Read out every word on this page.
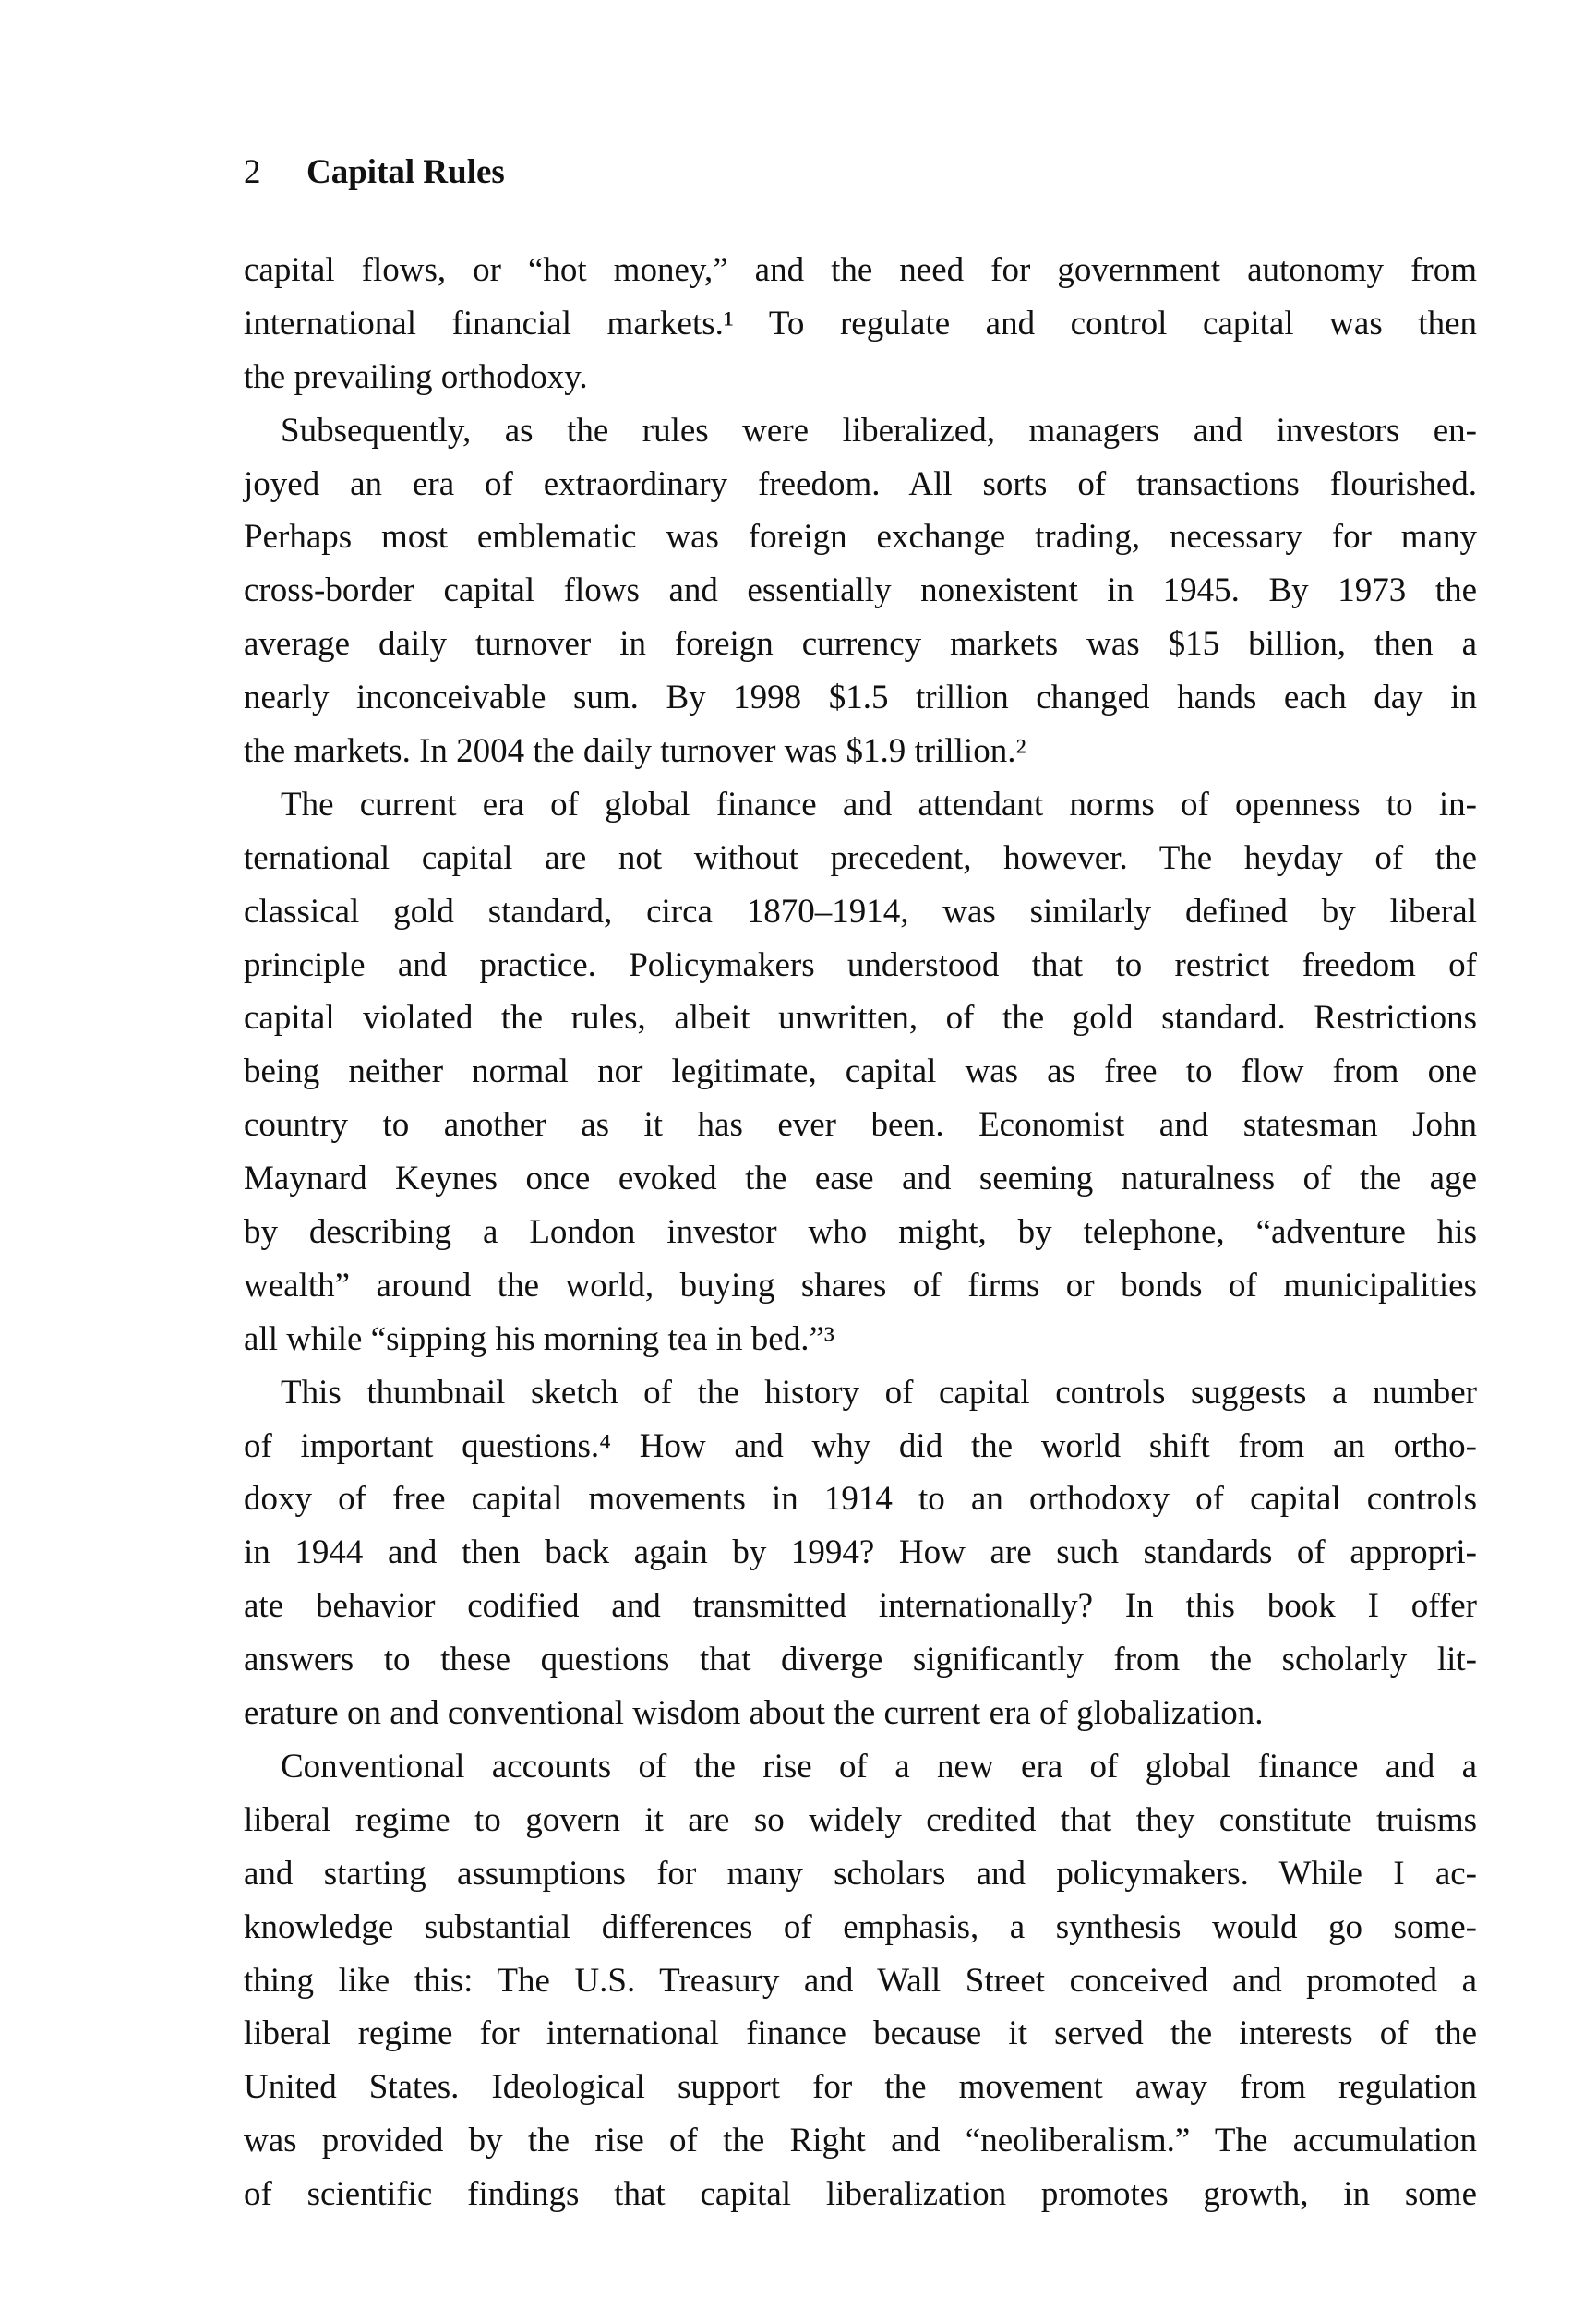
2 Capital Rules
capital flows, or “hot money,” and the need for government autonomy from
international financial markets.¹ To regulate and control capital was then
the prevailing orthodoxy.
Subsequently, as the rules were liberalized, managers and investors en-
joyed an era of extraordinary freedom. All sorts of transactions flourished.
Perhaps most emblematic was foreign exchange trading, necessary for many
cross-border capital flows and essentially nonexistent in 1945. By 1973 the
average daily turnover in foreign currency markets was $15 billion, then a
nearly inconceivable sum. By 1998 $1.5 trillion changed hands each day in
the markets. In 2004 the daily turnover was $1.9 trillion.²
The current era of global finance and attendant norms of openness to in-
ternational capital are not without precedent, however. The heyday of the
classical gold standard, circa 1870–1914, was similarly defined by liberal
principle and practice. Policymakers understood that to restrict freedom of
capital violated the rules, albeit unwritten, of the gold standard. Restrictions
being neither normal nor legitimate, capital was as free to flow from one
country to another as it has ever been. Economist and statesman John
Maynard Keynes once evoked the ease and seeming naturalness of the age
by describing a London investor who might, by telephone, “adventure his
wealth” around the world, buying shares of firms or bonds of municipalities
all while “sipping his morning tea in bed.”³
This thumbnail sketch of the history of capital controls suggests a number
of important questions.⁴ How and why did the world shift from an ortho-
doxy of free capital movements in 1914 to an orthodoxy of capital controls
in 1944 and then back again by 1994? How are such standards of appropri-
ate behavior codified and transmitted internationally? In this book I offer
answers to these questions that diverge significantly from the scholarly lit-
erature on and conventional wisdom about the current era of globalization.
Conventional accounts of the rise of a new era of global finance and a
liberal regime to govern it are so widely credited that they constitute truisms
and starting assumptions for many scholars and policymakers. While I ac-
knowledge substantial differences of emphasis, a synthesis would go some-
thing like this: The U.S. Treasury and Wall Street conceived and promoted a
liberal regime for international finance because it served the interests of the
United States. Ideological support for the movement away from regulation
was provided by the rise of the Right and “neoliberalism.” The accumulation
of scientific findings that capital liberalization promotes growth, in some
